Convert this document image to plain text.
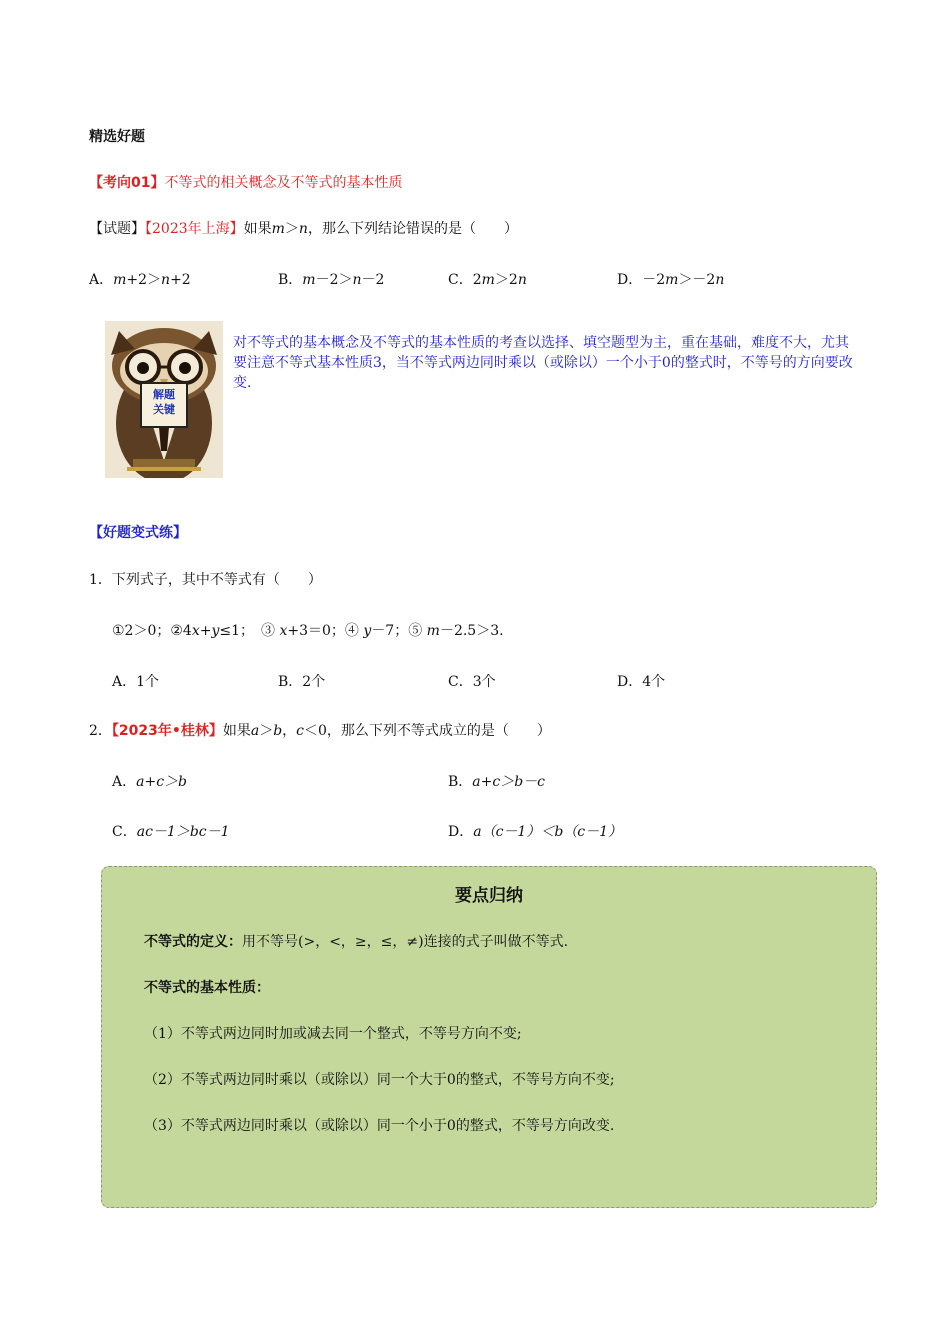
精选好题
【考向01】不等式的相关概念及不等式的基本性质
【试题】【2023年上海】如果m＞n，那么下列结论错误的是（　　）
A．m+2＞n+2	B．m－2＞n－2	C．2m＞2n	D．－2m＞－2n
解题
关键
对不等式的基本概念及不等式的基本性质的考查以选择、填空题型为主，重在基础，难度不大，尤其要注意不等式基本性质3，当不等式两边同时乘以（或除以）一个小于0的整式时，不等号的方向要改变.
【好题变式练】
1．下列式子，其中不等式有（　　）
①2＞0；②4x+y≤1；　③ x+3＝0；④ y－7；⑤ m－2.5＞3.
A．1个	B．2个	C．3个	D．4个
2．【2023年•桂林】如果a＞b，c＜0，那么下列不等式成立的是（　　）
A．a+c＞b	B．a+c＞b－c
C．ac－1＞bc－1	D．a（c－1）＜b（c－1）
要点归纳
不等式的定义：用不等号(>，<，≥，≤，≠)连接的式子叫做不等式.
不等式的基本性质：
（1）不等式两边同时加或减去同一个整式，不等号方向不变;
（2）不等式两边同时乘以（或除以）同一个大于0的整式，不等号方向不变;
（3）不等式两边同时乘以（或除以）同一个小于0的整式，不等号方向改变.
